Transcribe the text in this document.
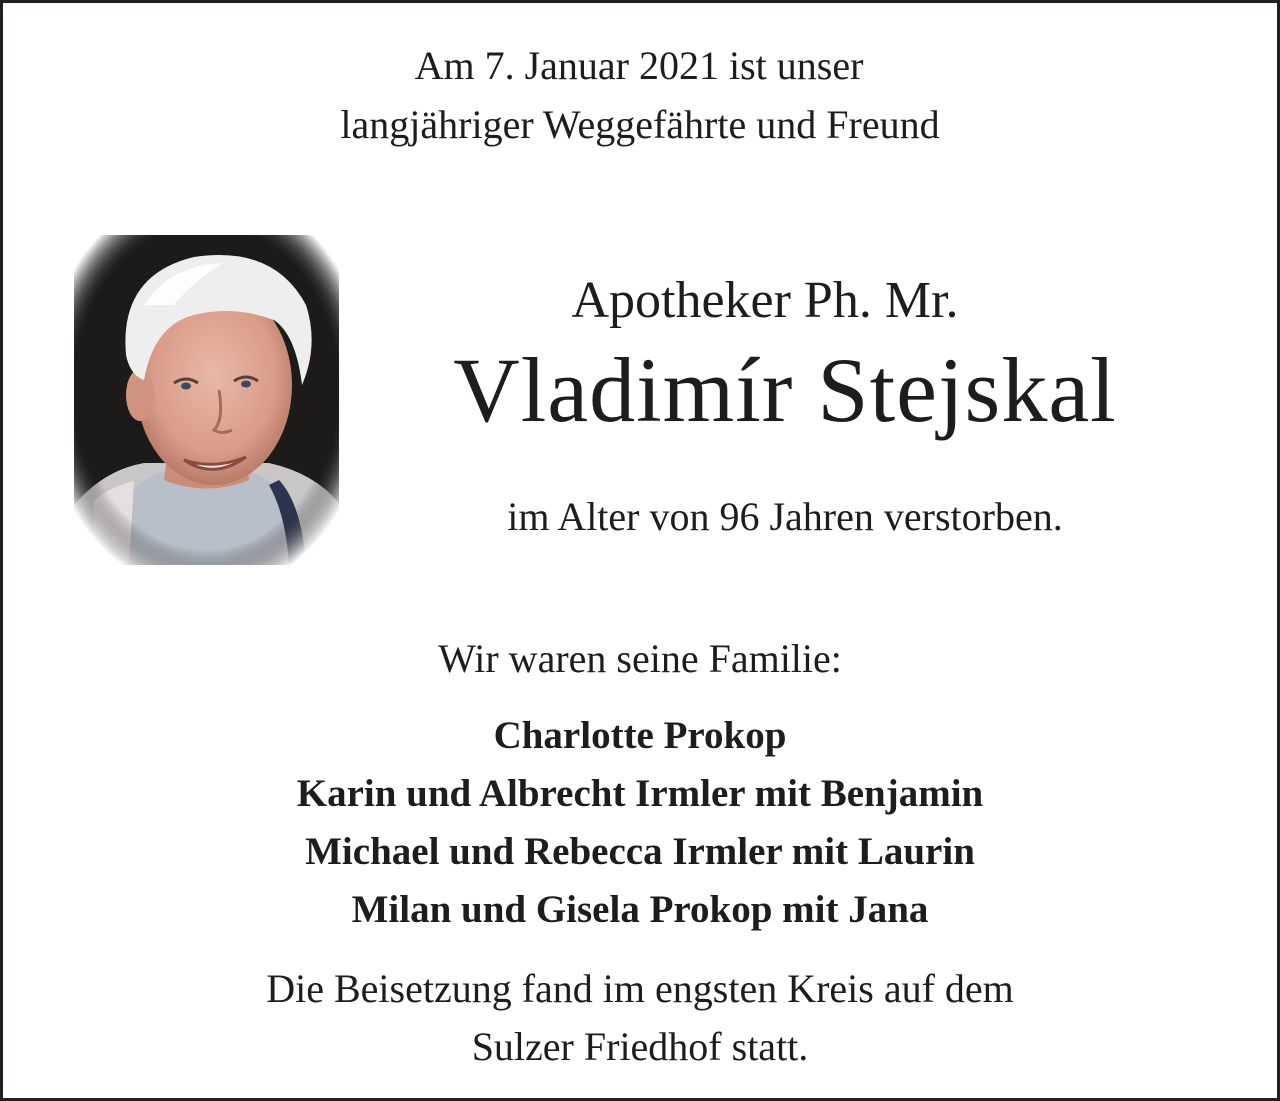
Am 7. Januar 2021 ist unser
langjähriger Weggefährte und Freund
Apotheker Ph. Mr.
Vladimír Stejskal
im Alter von 96 Jahren verstorben.
Wir waren seine Familie:
Charlotte Prokop
Karin und Albrecht Irmler mit Benjamin
Michael und Rebecca Irmler mit Laurin
Milan und Gisela Prokop mit Jana
Die Beisetzung fand im engsten Kreis auf dem
Sulzer Friedhof statt.
